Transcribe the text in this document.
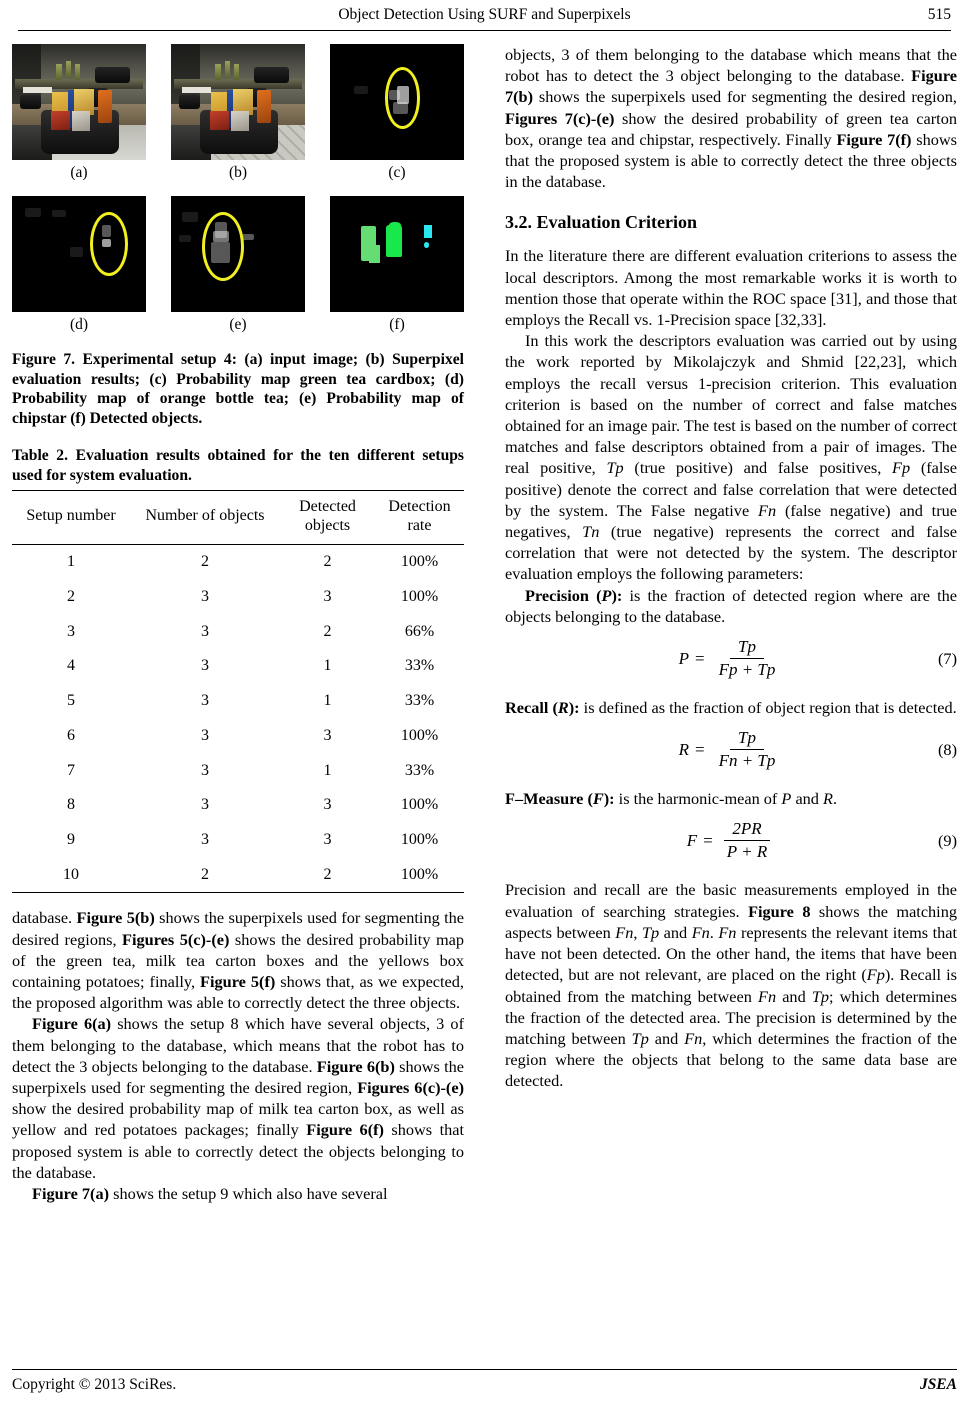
Object Detection Using SURF and Superpixels	515
(a)	(b)	(c)
(d)	(e)	(f)
Figure 7. Experimental setup 4: (a) input image; (b) Superpixel evaluation results; (c) Probability map green tea cardbox; (d) Probability map of orange bottle tea; (e) Probability map of chipstar (f) Detected objects.
Table 2. Evaluation results obtained for the ten different setups used for system evaluation.
Setup number	Number of objects	Detected objects	Detection rate
1	2	2	100%
2	3	3	100%
3	3	2	66%
4	3	1	33%
5	3	1	33%
6	3	3	100%
7	3	1	33%
8	3	3	100%
9	3	3	100%
10	2	2	100%

database. Figure 5(b) shows the superpixels used for segmenting the desired regions, Figures 5(c)-(e) shows the desired probability map of the green tea, milk tea carton boxes and the yellows box containing potatoes; finally, Figure 5(f) shows that, as we expected, the proposed algorithm was able to correctly detect the three objects.

Figure 6(a) shows the setup 8 which have several objects, 3 of them belonging to the database, which means that the robot has to detect the 3 objects belonging to the database. Figure 6(b) shows the superpixels used for segmenting the desired region, Figures 6(c)-(e) show the desired probability map of milk tea carton box, as well as yellow and red potatoes packages; finally Figure 6(f) shows that proposed system is able to correctly detect the objects belonging to the database.

Figure 7(a) shows the setup 9 which also have several

objects, 3 of them belonging to the database which means that the robot has to detect the 3 object belonging to the database. Figure 7(b) shows the superpixels used for segmenting the desired region, Figures 7(c)-(e) show the desired probability of green tea carton box, orange tea and chipstar, respectively. Finally Figure 7(f) shows that the proposed system is able to correctly detect the three objects in the database.

3.2. Evaluation Criterion

In the literature there are different evaluation criterions to assess the local descriptors. Among the most remarkable works it is worth to mention those that operate within the ROC space [31], and those that employs the Recall vs. 1-Precision space [32,33].

In this work the descriptors evaluation was carried out by using the work reported by Mikolajczyk and Shmid [22,23], which employs the recall versus 1-precision criterion. This evaluation criterion is based on the number of correct and false matches obtained for an image pair. The test is based on the number of correct matches and false descriptors obtained from a pair of images. The real positive, Tp (true positive) and false positives, Fp (false positive) denote the correct and false correlation that were detected by the system. The False negative Fn (false negative) and true negatives, Tn (true negative) represents the correct and false correlation that were not detected by the system. The descriptor evaluation employs the following parameters:

Precision (P): is the fraction of detected region where are the objects belonging to the database.

$P = \frac{Tp}{Fp + Tp}$	(7)

Recall (R): is defined as the fraction of object region that is detected.

$R = \frac{Tp}{Fn + Tp}$	(8)

F–Measure (F): is the harmonic-mean of P and R.

$F = \frac{2PR}{P + R}$	(9)

Precision and recall are the basic measurements employed in the evaluation of searching strategies. Figure 8 shows the matching aspects between Fn, Tp and Fn. Fn represents the relevant items that have not been detected. On the other hand, the items that have been detected, but are not relevant, are placed on the right (Fp). Recall is obtained from the matching between Fn and Tp; which determines the fraction of the detected area. The precision is determined by the matching between Tp and Fn, which determines the fraction of the region where the objects that belong to the same data base are detected.

Copyright © 2013 SciRes.	JSEA
